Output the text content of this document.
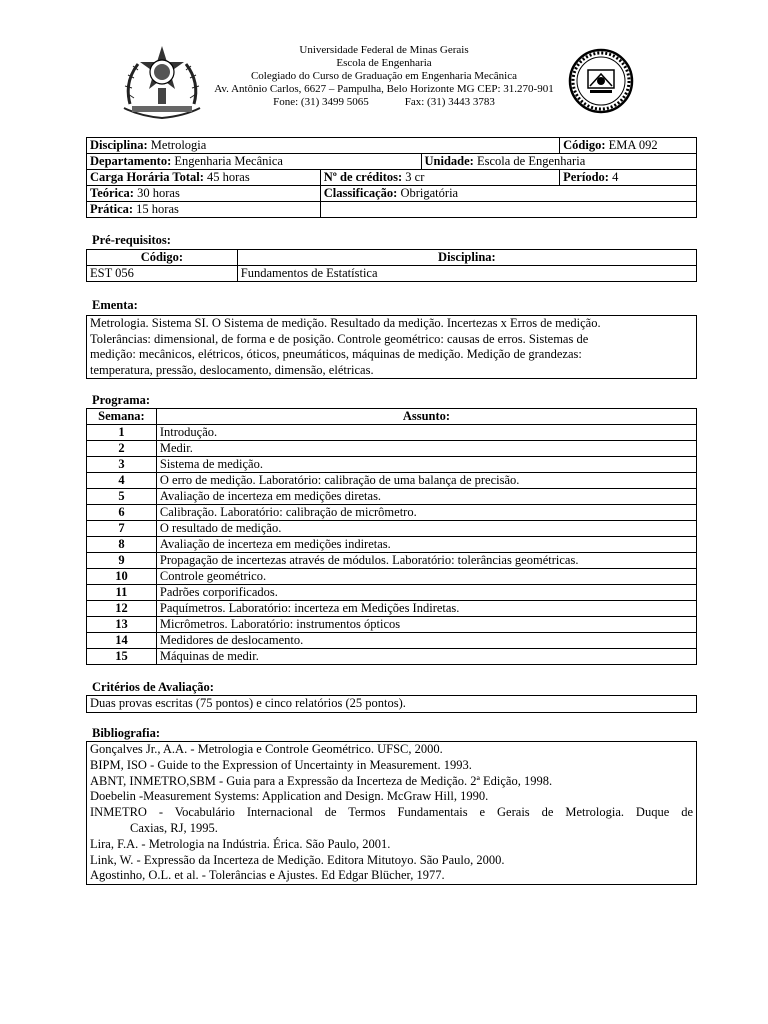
Universidade Federal de Minas Gerais
Escola de Engenharia
Colegiado do Curso de Graduação em Engenharia Mecânica
Av. Antônio Carlos, 6627 – Pampulha, Belo Horizonte MG CEP: 31.270-901
Fone: (31) 3499 5065	Fax: (31) 3443 3783
Disciplina: Metrologia			Código: EMA 092
Departamento: Engenharia Mecânica		Unidade: Escola de Engenharia	
Carga Horária Total: 45 horas	Nº de créditos: 3 cr		Período: 4
Teórica: 30 horas	Classificação: Obrigatória		
Prática: 15 horas			
Pré-requisitos:
Código:	Disciplina:
EST 056	Fundamentos de Estatística
Ementa:
Metrologia. Sistema SI. O Sistema de medição. Resultado da medição. Incertezas x Erros de medição.
Tolerâncias: dimensional, de forma e de posição. Controle geométrico: causas de erros. Sistemas de
medição: mecânicos, elétricos, óticos, pneumáticos, máquinas de medição. Medição de grandezas:
temperatura, pressão, deslocamento, dimensão, elétricas.
Programa:
Semana:	Assunto:
1	Introdução.
2	Medir.
3	Sistema de medição.
4	O erro de medição. Laboratório: calibração de uma balança de precisão.
5	Avaliação de incerteza em medições diretas.
6	Calibração. Laboratório: calibração de micrômetro.
7	O resultado de medição.
8	Avaliação de incerteza em medições indiretas.
9	Propagação de incertezas através de módulos. Laboratório: tolerâncias geométricas.
10	Controle geométrico.
11	Padrões corporificados.
12	Paquímetros. Laboratório: incerteza em Medições Indiretas.
13	Micrômetros. Laboratório: instrumentos ópticos
14	Medidores de deslocamento.
15	Máquinas de medir.
Critérios de Avaliação:
Duas provas escritas (75 pontos) e cinco relatórios (25 pontos).
Bibliografia:
Gonçalves Jr., A.A. - Metrologia e Controle Geométrico. UFSC, 2000.
BIPM, ISO - Guide to the Expression of Uncertainty in Measurement. 1993.
ABNT, INMETRO,SBM - Guia para a Expressão da Incerteza de Medição. 2ª Edição, 1998.
Doebelin -Measurement Systems: Application and Design. McGraw Hill, 1990.
INMETRO - Vocabulário Internacional de Termos Fundamentais e Gerais de Metrologia. Duque de
Caxias, RJ, 1995.
Lira, F.A. - Metrologia na Indústria. Érica. São Paulo, 2001.
Link, W. - Expressão da Incerteza de Medição. Editora Mitutoyo. São Paulo, 2000.
Agostinho, O.L. et al. - Tolerâncias e Ajustes. Ed Edgar Blücher, 1977.
